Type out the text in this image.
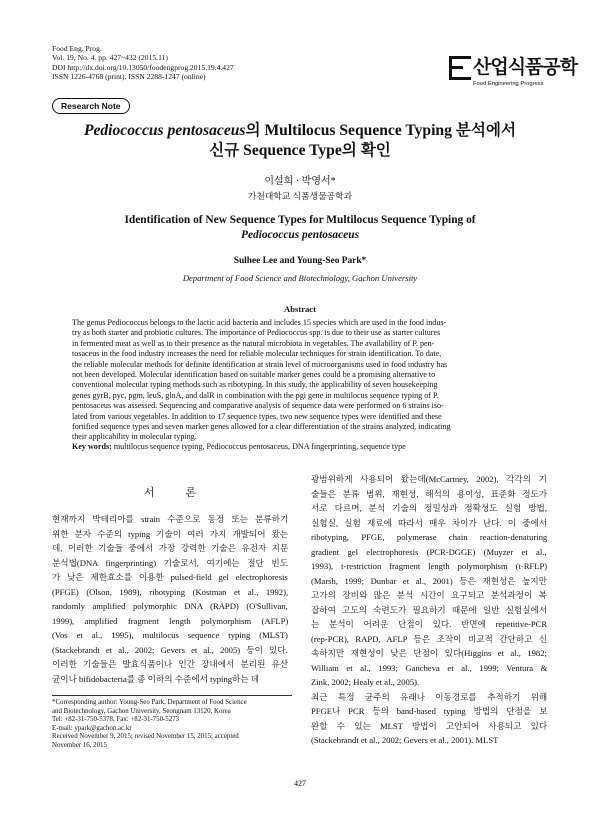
Food Eng. Prog.
Vol. 19, No. 4. pp. 427~432 (2015.11)
DOI http://dx.doi.org/10.13050/foodengprog.2015.19.4.427
ISSN 1226-4768 (print), ISSN 2288-1247 (online)	산업식품공학
Food Engineering Progress
Research Note
Pediococcus pentosaceus의 Multilocus Sequence Typing 분석에서
신규 Sequence Type의 확인
이설희 · 박영서*
가천대학교 식품생물공학과
Identification of New Sequence Types for Multilocus Sequence Typing of
Pediococcus pentosaceus
Sulhee Lee and Young-Seo Park*
Department of Food Science and Biotechnology, Gachon University
Abstract
The genus Pediococcus belongs to the lactic acid bacteria and includes 15 species which are used in the food indus-
try as both starter and probiotic cultures. The importance of Pediococcus spp. is due to their use as starter cultures
in fermented meat as well as to their presence as the natural microbiota in vegetables. The availability of P. pen-
tosaceus in the food industry increases the need for reliable molecular techniques for strain identification. To date,
the reliable molecular methods for definite identification at strain level of microorganisms used in food industry has
not been developed. Molecular identification based on suitable marker genes could be a promising alternative to
conventional molecular typing methods such as ribotyping. In this study, the applicability of seven housekeeping
genes gyrB, pyc, pgm, leuS, glnA, and dalR in combination with the pgi gene in multilocus sequence typing of P.
pentosaceus was assessed. Sequencing and comparative analysis of sequence data were performed on 6 strains iso-
lated from various vegetables. In addition to 17 sequence types, two new sequence types were identified and these
fortified sequence types and seven marker genes allowed for a clear differentiation of the strains analyzed, indicating
their applicability in molecular typing.
Key words: multilocus sequence typing, Pediococcus pentosaceus, DNA fingerprinting, sequence type
서 론
현재까지 박테리아를 strain 수준으로 동정 또는 분류하기
위한 분자 수준의 typing 기술이 여러 가지 개발되어 왔는
데, 이러한 기술들 중에서 가장 강력한 기술은 유전자 지문
분석법(DNA fingerprinting) 기술로서, 여기에는 절단 빈도
가 낮은 제한효소를 이용한 pulsed-field gel electrophoresis
(PFGE) (Olson, 1989), ribotyping (Kostman et al., 1992),
randomly amplified polymorphic DNA (RAPD) (O'Sullivan,
1999), amplified fragment length polymorphism (AFLP)
(Vos et al., 1995), multilocus sequence typing (MLST)
(Stackebrandt et al., 2002; Gevers et al., 2005) 등이 있다.
이러한 기술들은 발효식품이나 인간 장내에서 분리된 유산
균이나 bifidobacteria를 종 이하의 수준에서 typing하는 데
광범위하게 사용되어 왔는데(McCartney, 2002), 각각의 기
술들은 분류 범위, 재현성, 해석의 용이성, 표준화 정도가
서로 다르며, 분석 기술의 정밀성과 정확성도 실험 방법,
실험실, 실험 재료에 따라서 매우 차이가 난다. 이 중에서
ribotyping, PFGE, polymerase chain reaction-denaturing
gradient gel electrophoresis (PCR-DGGE) (Muyzer et al.,
1993), t-restriction fragment length polymorphism (t-RFLP)
(Marsh, 1999; Dunbar et al., 2001) 등은 재현성은 높지만
고가의 장비와 많은 분석 시간이 요구되고 분석과정이 복
잡하여 고도의 숙련도가 필요하기 때문에 일반 실험실에서
는 분석이 어려운 단점이 있다. 반면에 repetitive-PCR
(rep-PCR), RAPD, AFLP 등은 조작이 비교적 간단하고 신
속하지만 재현성이 낮은 단점이 있다(Higgins et al., 1982;
William et al., 1993; Gancheva et al., 1999; Ventura &
Zink, 2002; Healy et al., 2005).
최근 특정 균주의 유래나 이동경로를 추적하기 위해
PFGE나 PCR 등의 band-based typing 방법의 단점을 보
완할 수 있는 MLST 방법이 고안되어 사용되고 있다
(Stackebrandt et al., 2002; Gevers et al., 2001). MLST
*Corresponding author: Young-Seo Park, Department of Food Science
and Biotechnology, Gachon University, Seongnam 13120, Korea
Tel: +82-31-750-5378, Fax: +82-31-750-5273
E-mail: ypark@gachon.ac.kr
Received November 9, 2015; revised November 15, 2015; accepted
November 16, 2015
427
